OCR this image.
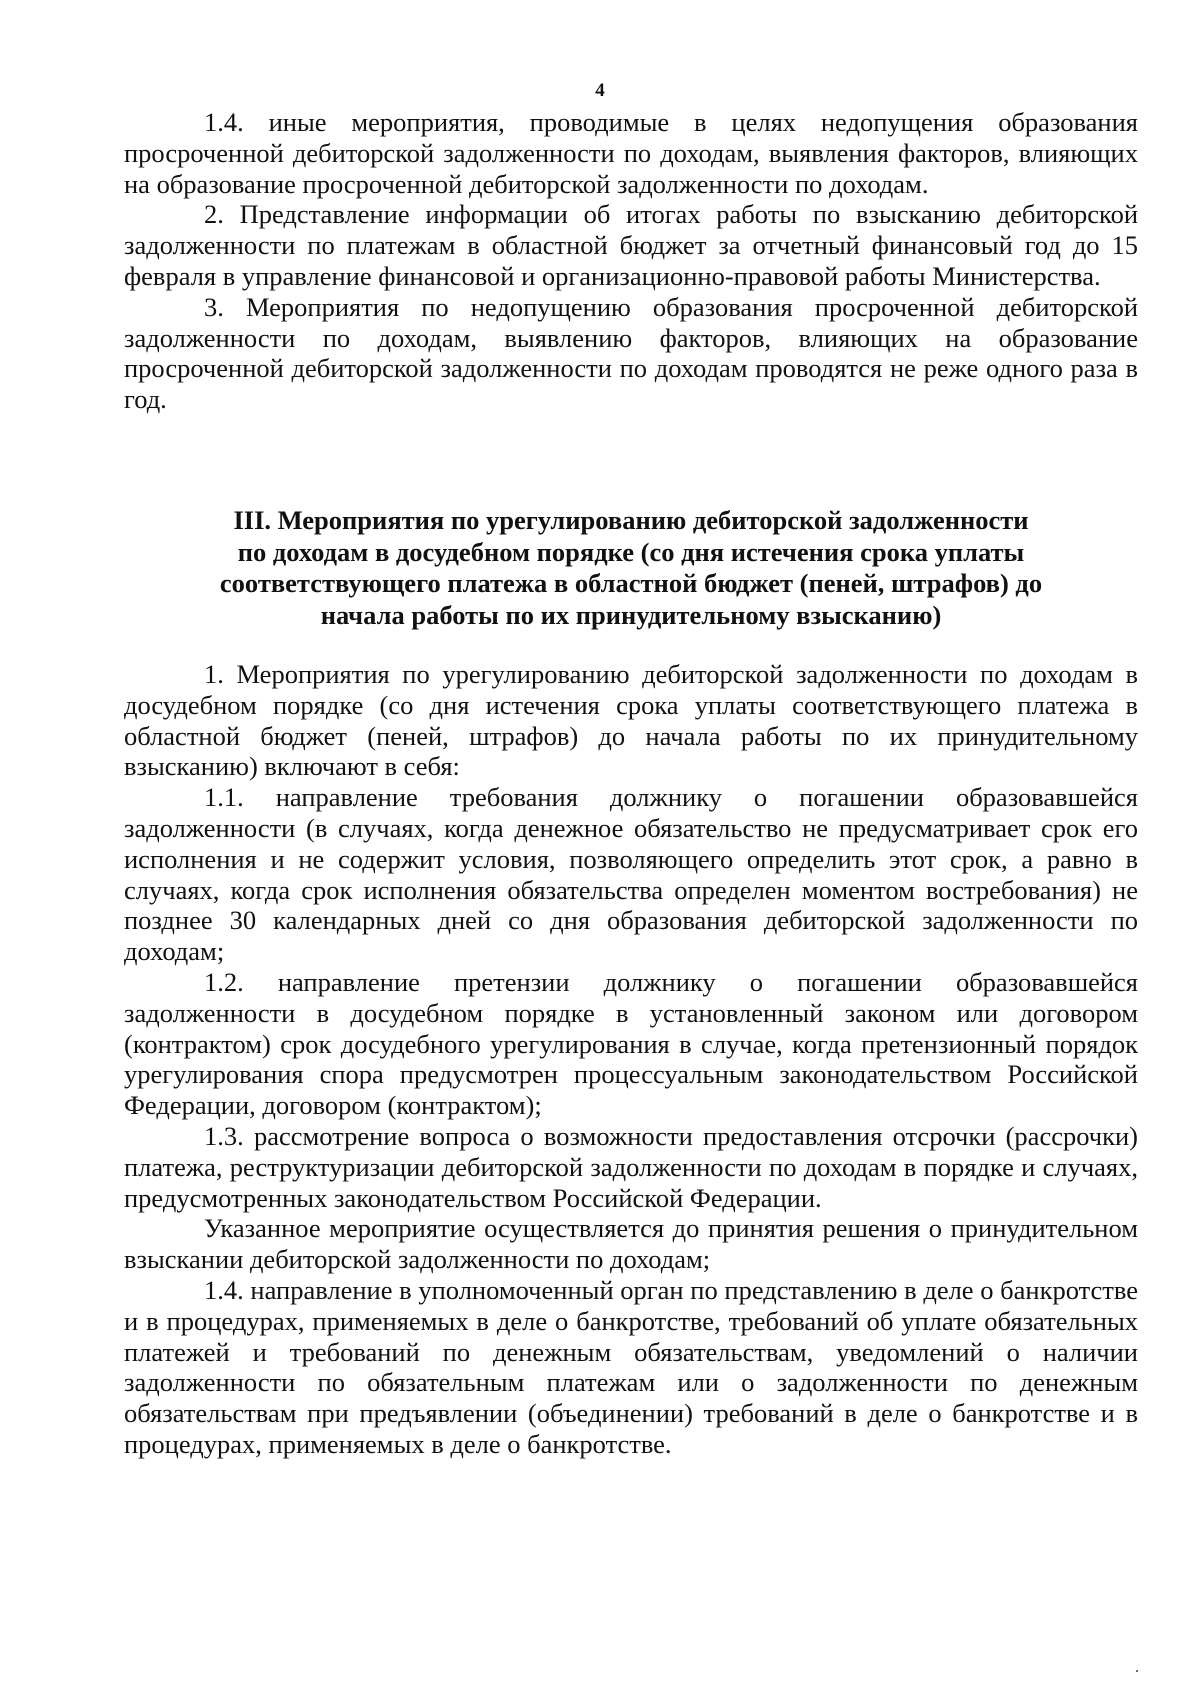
4

1.4. иные мероприятия, проводимые в целях недопущения образования просроченной дебиторской задолженности по доходам, выявления факторов, влияющих на образование просроченной дебиторской задолженности по доходам.

2. Представление информации об итогах работы по взысканию дебиторской задолженности по платежам в областной бюджет за отчетный финансовый год до 15 февраля в управление финансовой и организационно-правовой работы Министерства.

3. Мероприятия по недопущению образования просроченной дебиторской задолженности по доходам, выявлению факторов, влияющих на образование просроченной дебиторской задолженности по доходам проводятся не реже одного раза в год.

III. Мероприятия по урегулированию дебиторской задолженности
по доходам в досудебном порядке (со дня истечения срока уплаты
соответствующего платежа в областной бюджет (пеней, штрафов) до
начала работы по их принудительному взысканию)

1. Мероприятия по урегулированию дебиторской задолженности по доходам в досудебном порядке (со дня истечения срока уплаты соответствующего платежа в областной бюджет (пеней, штрафов) до начала работы по их принудительному взысканию) включают в себя:

1.1. направление требования должнику о погашении образовавшейся задолженности (в случаях, когда денежное обязательство не предусматривает срок его исполнения и не содержит условия, позволяющего определить этот срок, а равно в случаях, когда срок исполнения обязательства определен моментом востребования) не позднее 30 календарных дней со дня образования дебиторской задолженности по доходам;

1.2. направление претензии должнику о погашении образовавшейся задолженности в досудебном порядке в установленный законом или договором (контрактом) срок досудебного урегулирования в случае, когда претензионный порядок урегулирования спора предусмотрен процессуальным законодательством Российской Федерации, договором (контрактом);

1.3. рассмотрение вопроса о возможности предоставления отсрочки (рассрочки) платежа, реструктуризации дебиторской задолженности по доходам в порядке и случаях, предусмотренных законодательством Российской Федерации.

Указанное мероприятие осуществляется до принятия решения о принудительном взыскании дебиторской задолженности по доходам;

1.4. направление в уполномоченный орган по представлению в деле о банкротстве и в процедурах, применяемых в деле о банкротстве, требований об уплате обязательных платежей и требований по денежным обязательствам, уведомлений о наличии задолженности по обязательным платежам или о задолженности по денежным обязательствам при предъявлении (объединении) требований в деле о банкротстве и в процедурах, применяемых в деле о банкротстве.

·
